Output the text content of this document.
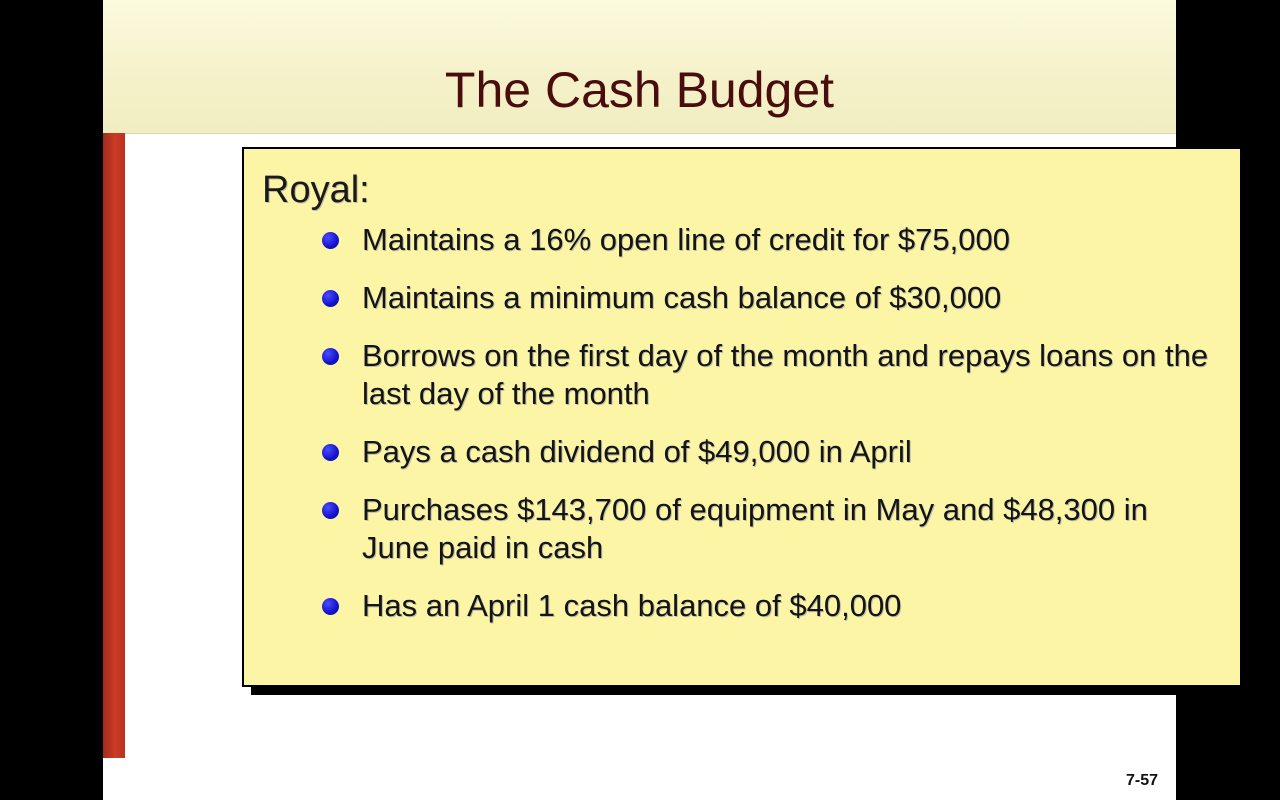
The Cash Budget
Royal:
Maintains a 16% open line of credit for $75,000
Maintains a minimum cash balance of $30,000
Borrows on the first day of the month and repays loans on the last day of the month
Pays a cash dividend of $49,000 in April
Purchases $143,700 of equipment in May and $48,300 in June paid in cash
Has an April 1 cash balance of $40,000
7-57
